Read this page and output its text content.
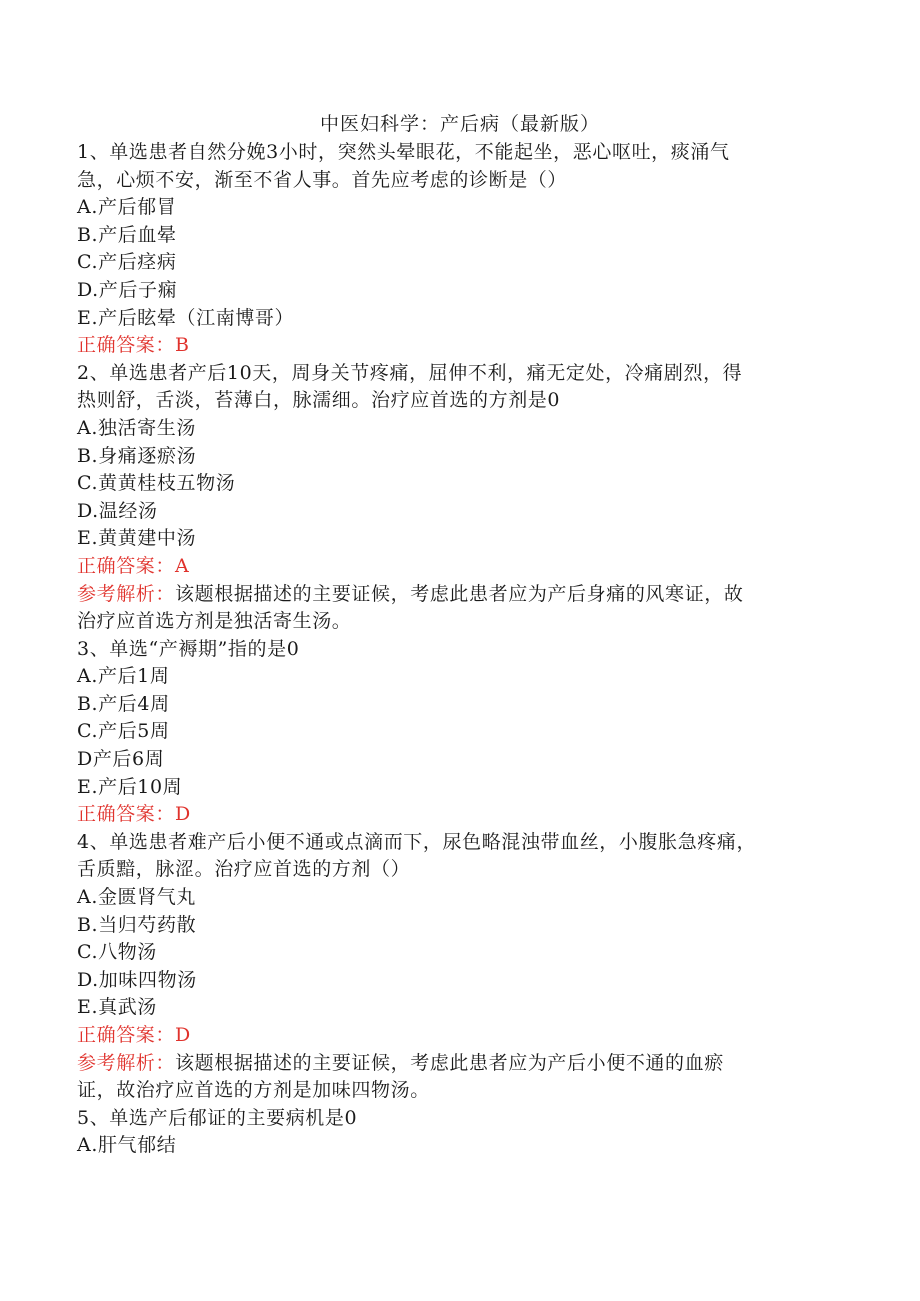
中医妇科学：产后病（最新版）
1、单选患者自然分娩3小时，突然头晕眼花，不能起坐，恶心呕吐，痰涌气
急，心烦不安，渐至不省人事。首先应考虑的诊断是（）
A.产后郁冒
B.产后血晕
C.产后痉病
D.产后子痫
E.产后眩晕（江南博哥）
正确答案：B
2、单选患者产后10天，周身关节疼痛，屈伸不利，痛无定处，冷痛剧烈，得
热则舒，舌淡，苔薄白，脉濡细。治疗应首选的方剂是0
A.独活寄生汤
B.身痛逐瘀汤
C.黄黄桂枝五物汤
D.温经汤
E.黄黄建中汤
正确答案：A
参考解析：该题根据描述的主要证候，考虑此患者应为产后身痛的风寒证，故
治疗应首选方剂是独活寄生汤。
3、单选“产褥期”指的是0
A.产后1周
B.产后4周
C.产后5周
D产后6周
E.产后10周
正确答案：D
4、单选患者难产后小便不通或点滴而下，尿色略混浊带血丝，小腹胀急疼痛，
舌质黯，脉涩。治疗应首选的方剂（）
A.金匮肾气丸
B.当归芍药散
C.八物汤
D.加味四物汤
E.真武汤
正确答案：D
参考解析：该题根据描述的主要证候，考虑此患者应为产后小便不通的血瘀
证，故治疗应首选的方剂是加味四物汤。
5、单选产后郁证的主要病机是0
A.肝气郁结
